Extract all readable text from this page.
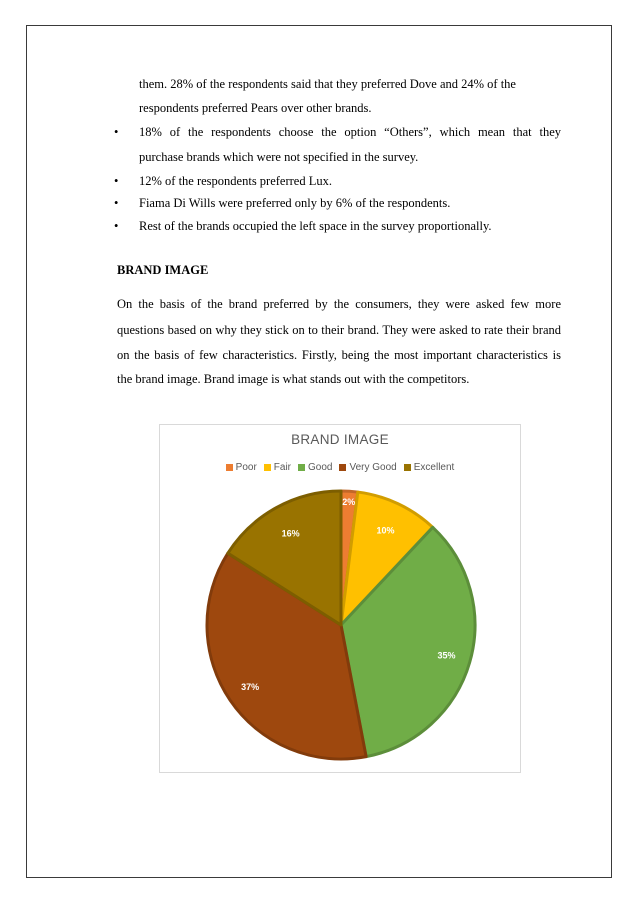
them. 28% of the respondents said that they preferred Dove and 24% of the

respondents preferred Pears over other brands.

• 18% of the respondents choose the option “Others”, which mean that they

purchase brands which were not specified in the survey.

• 12% of the respondents preferred Lux.

• Fiama Di Wills were preferred only by 6% of the respondents.

• Rest of the brands occupied the left space in the survey proportionally.

BRAND IMAGE

On the basis of the brand preferred by the consumers, they were asked few more

questions based on why they stick on to their brand. They were asked to rate their brand

on the basis of few characteristics. Firstly, being the most important characteristics is

the brand image. Brand image is what stands out with the competitors.

BRAND IMAGE
Poor Fair Good Very Good Excellent
2%
10%
35%
37%
16%
